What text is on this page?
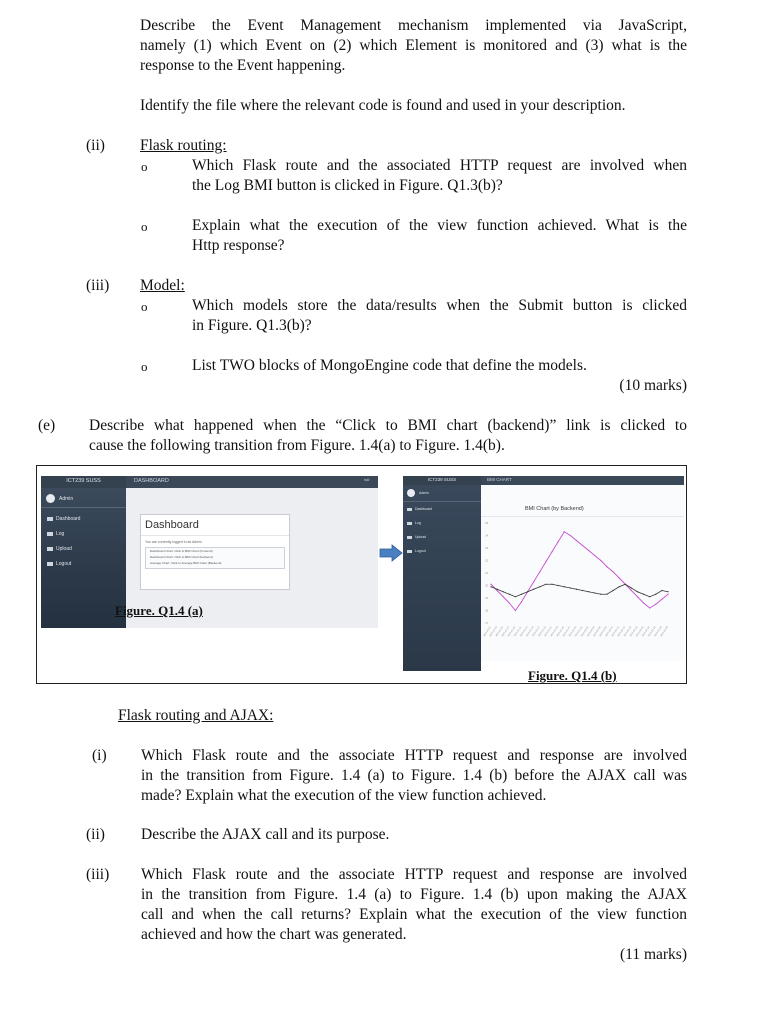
Describe the Event Management mechanism implemented via JavaScript,

namely (1) which Event on (2) which Element is monitored and (3) what is the

response to the Event happening.

Identify the file where the relevant code is found and used in your description.

(ii) Flask routing:

o	Which Flask route and the associated HTTP request are involved when

the Log BMI button is clicked in Figure. Q1.3(b)?

o	Explain what the execution of the view function achieved. What is the

Http response?

(iii) Model:

o	Which models store the data/results when the Submit button is clicked

in Figure. Q1.3(b)?

o	List TWO blocks of MongoEngine code that define the models.

(10 marks)

(e) Describe what happened when the “Click to BMI chart (backend)” link is clicked to

cause the following transition from Figure. 1.4(a) to Figure. 1.4(b).

ICT239 SUSS
Admin
Dashboard
Log
Upload
Logout
DASHBOARD	⇨
Dashboard
You are currently logged in as Admin
Dashboard Chart: Click to BMI Chart (frontend)
Dashboard Chart: Click to BMI Chart (backend)
Average Chart: Click to Average BMI Chart (Backend)
Figure. Q1.4 (a)
ICT239 SUSS
Admin
Dashboard
Log
Upload
Logout
BMI CHART
BMI Chart (by Backend)
17
18
19
20
21
22
23
24
25
2021-01-01
2021-01-03
2021-01-05
2021-01-07
2021-01-09
2021-01-11
2021-01-13
2021-01-15
2021-01-17
2021-01-19
2021-01-21
2021-01-23
2021-01-25
2021-01-27
2021-01-29
2021-01-31
2021-02-02
2021-02-04
2021-02-06
2021-02-08
2021-02-10
2021-02-12
2021-02-14
2021-02-16
2021-02-18
2021-02-20
2021-02-22
2021-02-24
2021-02-26
2021-02-28
Figure. Q1.4 (b)

Flask routing and AJAX:

(i) Which Flask route and the associate HTTP request and response are involved

in the transition from Figure. 1.4 (a) to Figure. 1.4 (b) before the AJAX call was

made? Explain what the execution of the view function achieved.

(ii) Describe the AJAX call and its purpose.

(iii) Which Flask route and the associate HTTP request and response are involved

in the transition from Figure. 1.4 (a) to Figure. 1.4 (b) upon making the AJAX

call and when the call returns? Explain what the execution of the view function

achieved and how the chart was generated.

(11 marks)
